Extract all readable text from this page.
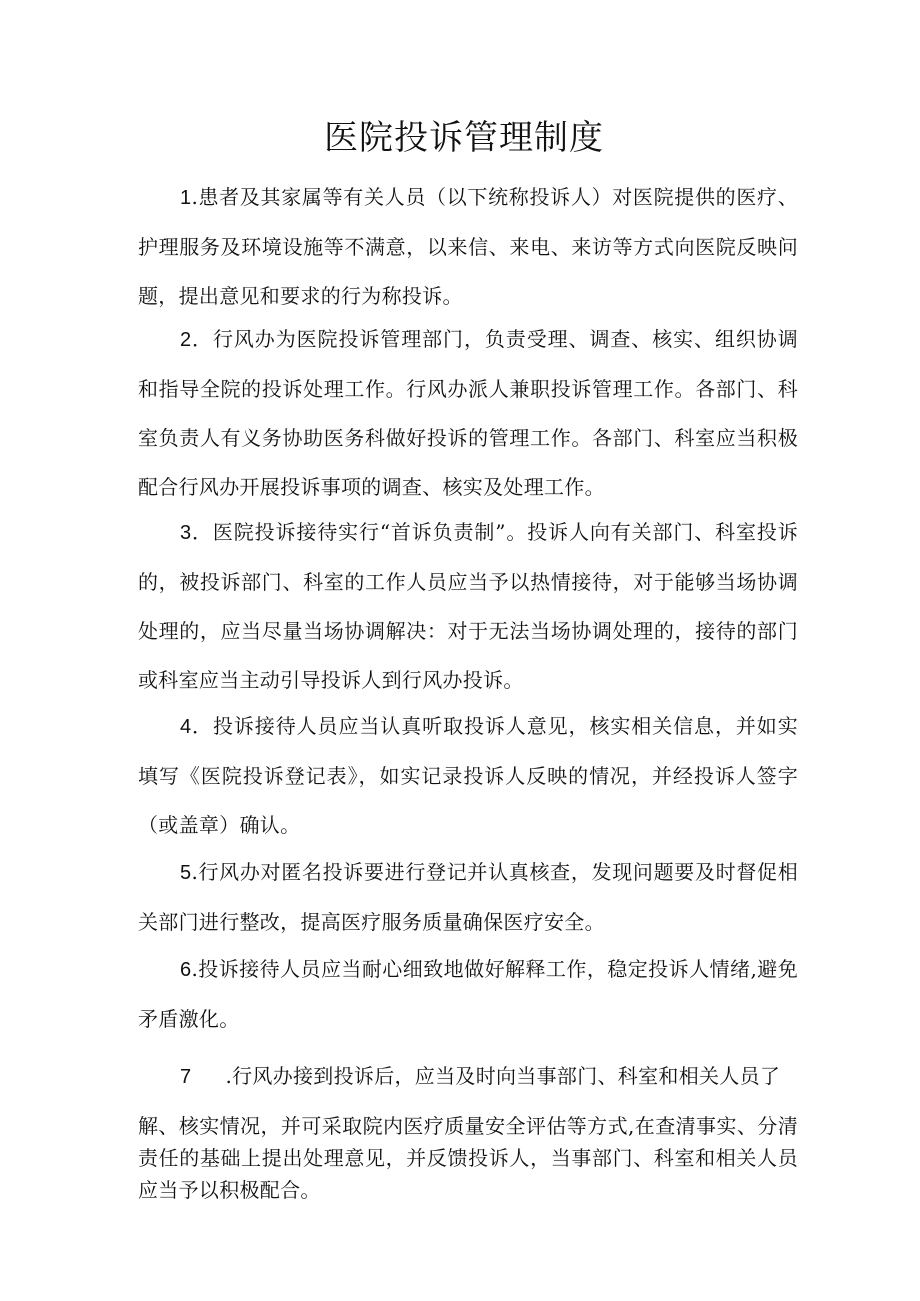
医院投诉管理制度

1.患者及其家属等有关人员（以下统称投诉人）对医院提供的医疗、护理服务及环境设施等不满意，以来信、来电、来访等方式向医院反映问题，提出意见和要求的行为称投诉。

2．行风办为医院投诉管理部门，负责受理、调查、核实、组织协调和指导全院的投诉处理工作。行风办派人兼职投诉管理工作。各部门、科室负责人有义务协助医务科做好投诉的管理工作。各部门、科室应当积极配合行风办开展投诉事项的调查、核实及处理工作。

3．医院投诉接待实行“首诉负责制”。投诉人向有关部门、科室投诉的，被投诉部门、科室的工作人员应当予以热情接待，对于能够当场协调处理的，应当尽量当场协调解决：对于无法当场协调处理的，接待的部门或科室应当主动引导投诉人到行风办投诉。

4．投诉接待人员应当认真听取投诉人意见，核实相关信息，并如实填写《医院投诉登记表》，如实记录投诉人反映的情况，并经投诉人签字（或盖章）确认。

5.行风办对匿名投诉要进行登记并认真核查，发现问题要及时督促相关部门进行整改，提高医疗服务质量确保医疗安全。

6.投诉接待人员应当耐心细致地做好解释工作，稳定投诉人情绪,避免矛盾激化。

7 .行风办接到投诉后，应当及时向当事部门、科室和相关人员了

解、核实情况，并可采取院内医疗质量安全评估等方式,在查清事实、分清责任的基础上提出处理意见，并反馈投诉人，当事部门、科室和相关人员应当予以积极配合。
